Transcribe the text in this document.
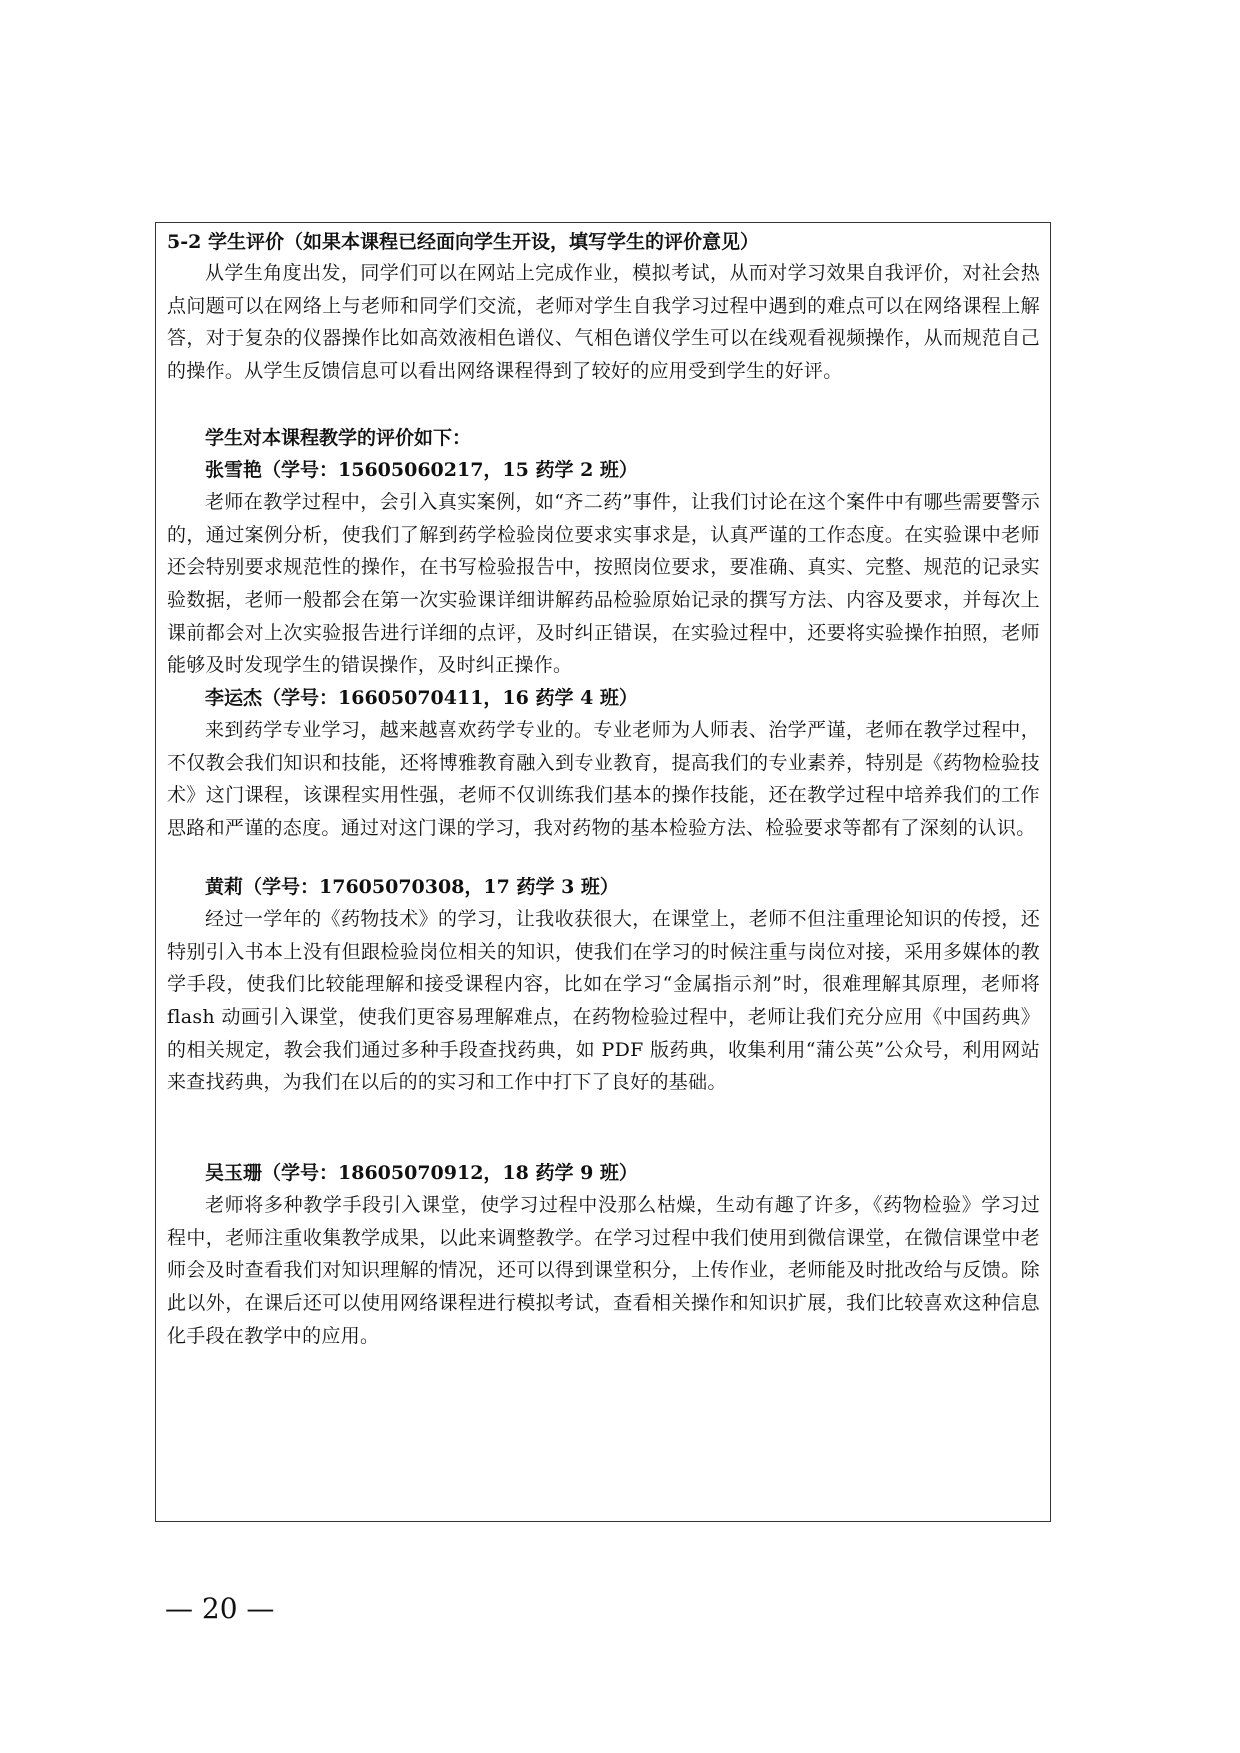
5-2 学生评价（如果本课程已经面向学生开设，填写学生的评价意见）

从学生角度出发，同学们可以在网站上完成作业，模拟考试，从而对学习效果自我评价，对社会热点问题可以在网络上与老师和同学们交流，老师对学生自我学习过程中遇到的难点可以在网络课程上解答，对于复杂的仪器操作比如高效液相色谱仪、气相色谱仪学生可以在线观看视频操作，从而规范自己的操作。从学生反馈信息可以看出网络课程得到了较好的应用受到学生的好评。

学生对本课程教学的评价如下：
张雪艳（学号：15605060217，15 药学 2 班）

老师在教学过程中，会引入真实案例，如“齐二药”事件，让我们讨论在这个案件中有哪些需要警示的，通过案例分析，使我们了解到药学检验岗位要求实事求是，认真严谨的工作态度。在实验课中老师还会特别要求规范性的操作，在书写检验报告中，按照岗位要求，要准确、真实、完整、规范的记录实验数据，老师一般都会在第一次实验课详细讲解药品检验原始记录的撰写方法、内容及要求，并每次上课前都会对上次实验报告进行详细的点评，及时纠正错误，在实验过程中，还要将实验操作拍照，老师能够及时发现学生的错误操作，及时纠正操作。

李运杰（学号：16605070411，16 药学 4 班）

来到药学专业学习，越来越喜欢药学专业的。专业老师为人师表、治学严谨，老师在教学过程中，不仅教会我们知识和技能，还将博雅教育融入到专业教育，提高我们的专业素养，特别是《药物检验技术》这门课程，该课程实用性强，老师不仅训练我们基本的操作技能，还在教学过程中培养我们的工作思路和严谨的态度。通过对这门课的学习，我对药物的基本检验方法、检验要求等都有了深刻的认识。

黄莉（学号：17605070308，17 药学 3 班）

经过一学年的《药物技术》的学习，让我收获很大，在课堂上，老师不但注重理论知识的传授，还特别引入书本上没有但跟检验岗位相关的知识，使我们在学习的时候注重与岗位对接，采用多媒体的教学手段，使我们比较能理解和接受课程内容，比如在学习“金属指示剂”时，很难理解其原理，老师将 flash 动画引入课堂，使我们更容易理解难点，在药物检验过程中，老师让我们充分应用《中国药典》的相关规定，教会我们通过多种手段查找药典，如 PDF 版药典，收集利用“蒲公英”公众号，利用网站来查找药典，为我们在以后的的实习和工作中打下了良好的基础。

吴玉珊（学号：18605070912，18 药学 9 班）

老师将多种教学手段引入课堂，使学习过程中没那么枯燥，生动有趣了许多，《药物检验》学习过程中，老师注重收集教学成果，以此来调整教学。在学习过程中我们使用到微信课堂，在微信课堂中老师会及时查看我们对知识理解的情况，还可以得到课堂积分，上传作业，老师能及时批改给与反馈。除此以外，在课后还可以使用网络课程进行模拟考试，查看相关操作和知识扩展，我们比较喜欢这种信息化手段在教学中的应用。

— 20 —
